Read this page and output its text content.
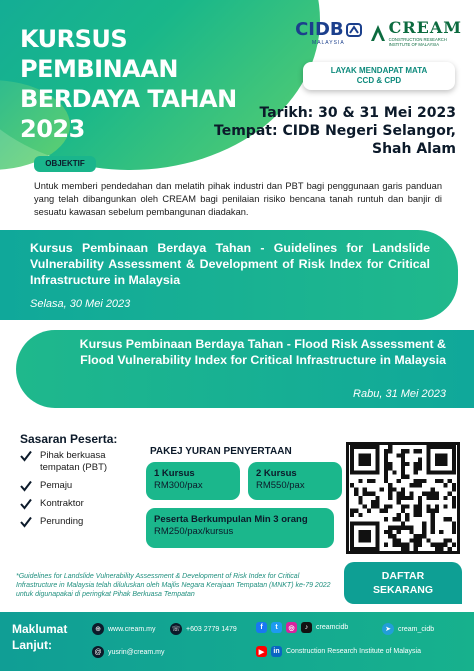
KURSUS PEMBINAAN
BERDAYA TAHAN
2023
CIDB
MALAYSIA
CREAM
CONSTRUCTION RESEARCH
INSTITUTE OF MALAYSIA
LAYAK MENDAPAT MATA
CCD & CPD
Tarikh: 30 & 31 Mei 2023
Tempat: CIDB Negeri Selangor,
Shah Alam
OBJEKTIF
Untuk memberi pendedahan dan melatih pihak industri dan PBT bagi penggunaan garis panduan yang telah dibangunkan oleh CREAM bagi penilaian risiko bencana tanah runtuh dan banjir di sesuatu kawasan sebelum pembangunan diadakan.
Kursus Pembinaan Berdaya Tahan - Guidelines for Landslide Vulnerability Assessment & Development of Risk Index for Critical Infrastructure in Malaysia
Selasa, 30 Mei 2023
Kursus Pembinaan Berdaya Tahan - Flood Risk Assessment & Flood Vulnerability Index for Critical Infrastructure in Malaysia
Rabu, 31 Mei 2023
Sasaran Peserta:
Pihak berkuasa tempatan (PBT)
Pemaju
Kontraktor
Perunding
PAKEJ YURAN PENYERTAAN
1 Kursus
RM300/pax
2 Kursus
RM550/pax
Peserta Berkumpulan Min 3 orang
RM250/pax/kursus
DAFTAR
SEKARANG
*Guidelines for Landslide Vulnerability Assessment & Development of Risk Index for Critical Infrastructure in Malaysia telah diluluskan oleh Majlis Negara Kerajaan Tempatan (MNKT) ke-79 2022 untuk digunapakai di peringkat Pihak Berkuasa Tempatan
Maklumat
Lanjut:
⊕	www.cream.my ☏ +603 2779 1479	f	t	◎	♪	creamcidb	➤	cream_cidb
@ yusrin@cream.my	▶	in Construction Research Institute of Malaysia
